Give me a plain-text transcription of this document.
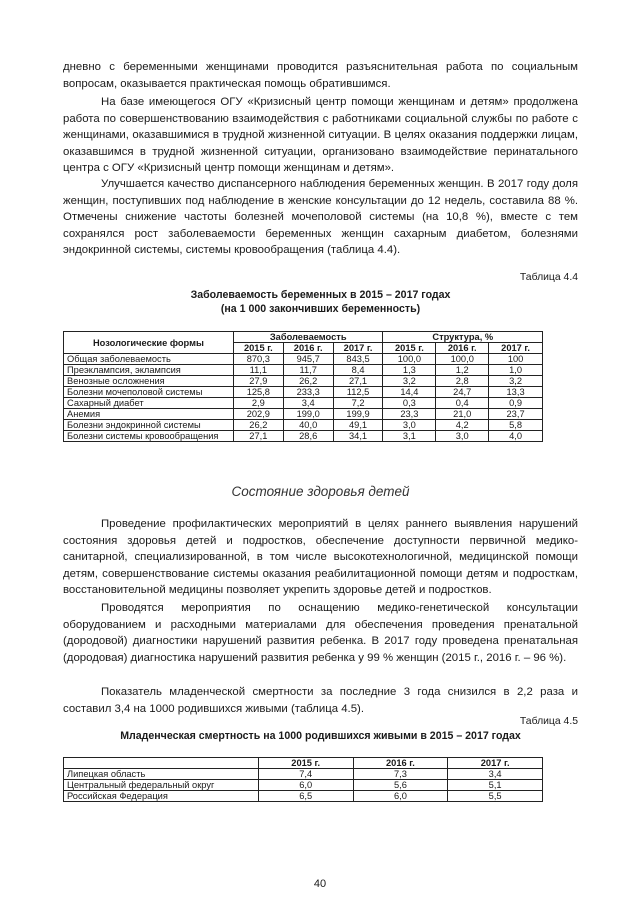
дневно с беременными женщинами проводится разъяснительная работа по социальным вопросам, оказывается практическая помощь обратившимся.

На базе имеющегося ОГУ «Кризисный центр помощи женщинам и детям» продолжена работа по совершенствованию взаимодействия с работниками социальной службы по работе с женщинами, оказавшимися в трудной жизненной ситуации. В целях оказания поддержки лицам, оказавшимся в трудной жизненной ситуации, организовано взаимодействие перинатального центра с ОГУ «Кризисный центр помощи женщинам и детям».

Улучшается качество диспансерного наблюдения беременных женщин. В 2017 году доля женщин, поступивших под наблюдение в женские консультации до 12 недель, составила 88 %. Отмечены снижение частоты болезней мочеполовой системы (на 10,8 %), вместе с тем сохранялся рост заболеваемости беременных женщин сахарным диабетом, болезнями эндокринной системы, системы кровообращения (таблица 4.4).

Таблица 4.4

Заболеваемость беременных в 2015 – 2017 годах

(на 1 000 закончивших беременность)

Нозологические формы	Заболеваемость			Структура, %		
	2015 г.	2016 г.	2017 г.	2015 г.	2016 г.	2017 г.
Общая заболеваемость	870,3	945,7	843,5	100,0	100,0	100
Преэклампсия, эклампсия	11,1	11,7	8,4	1,3	1,2	1,0
Венозные осложнения	27,9	26,2	27,1	3,2	2,8	3,2
Болезни мочеполовой системы	125,8	233,3	112,5	14,4	24,7	13,3
Сахарный диабет	2,9	3,4	7,2	0,3	0,4	0,9
Анемия	202,9	199,0	199,9	23,3	21,0	23,7
Болезни эндокринной системы	26,2	40,0	49,1	3,0	4,2	5,8
Болезни системы кровообращения	27,1	28,6	34,1	3,1	3,0	4,0

Состояние здоровья детей

Проведение профилактических мероприятий в целях раннего выявления нарушений состояния здоровья детей и подростков, обеспечение доступности первичной медико-санитарной, специализированной, в том числе высокотехнологичной, медицинской помощи детям, совершенствование системы оказания реабилитационной помощи детям и подросткам, восстановительной медицины позволяет укрепить здоровье детей и подростков.

Проводятся мероприятия по оснащению медико-генетической консультации оборудованием и расходными материалами для обеспечения проведения пренатальной (дородовой) диагностики нарушений развития ребенка. В 2017 году проведена пренатальная (дородовая) диагностика нарушений развития ребенка у 99 % женщин (2015 г., 2016 г. – 96 %).

Показатель младенческой смертности за последние 3 года снизился в 2,2 раза и составил 3,4 на 1000 родившихся живыми (таблица 4.5).

Таблица 4.5

Младенческая смертность на 1000 родившихся живыми в 2015 – 2017 годах

	2015 г.	2016 г.	2017 г.
Липецкая область	7,4	7,3	3,4
Центральный федеральный округ	6,0	5,6	5,1
Российская Федерация	6,5	6,0	5,5
40
